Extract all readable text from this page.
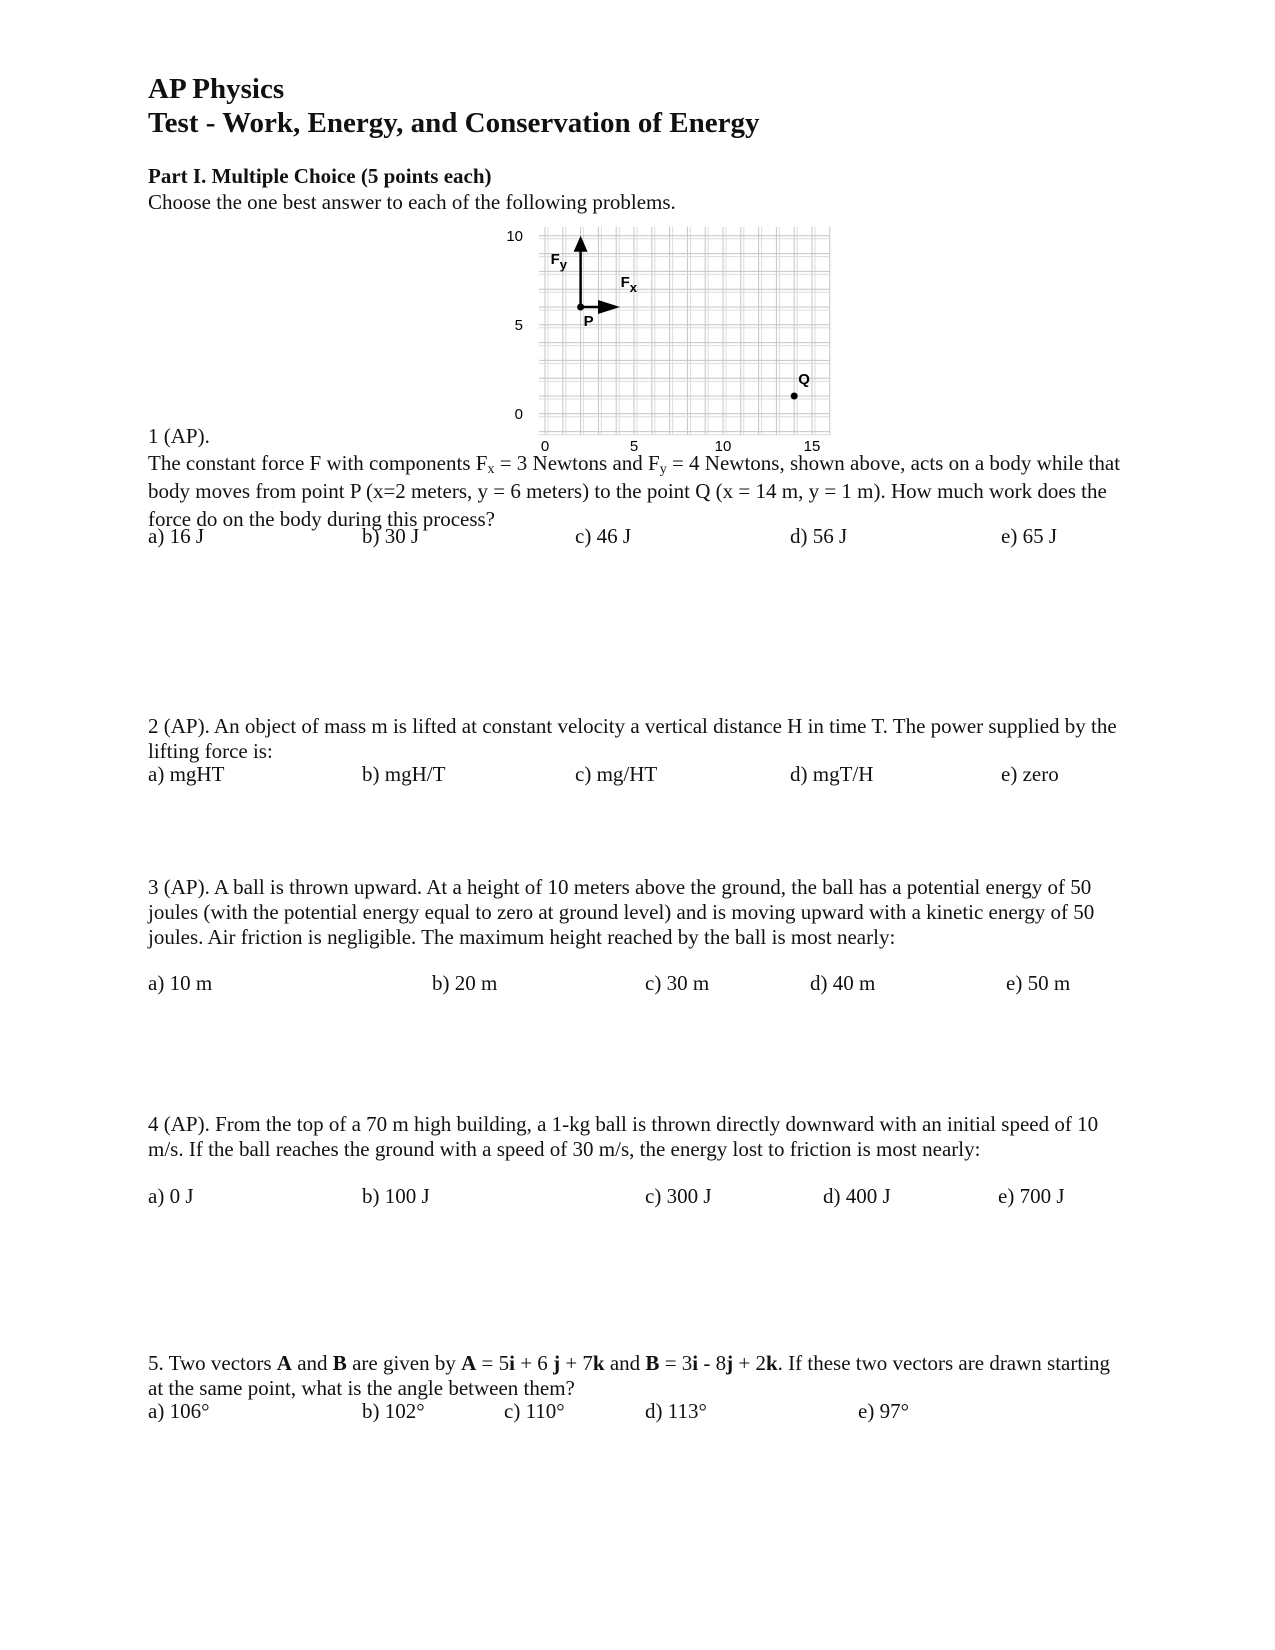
AP Physics
Test - Work, Energy, and Conservation of Energy
Part I. Multiple Choice (5 points each)
Choose the one best answer to each of the following problems.
10
5
0
0	5	10	15
Fy
Fx
P
Q

1 (AP).

The constant force F with components $F_x = 3$ Newtons and $F_y = 4$ Newtons, shown above, acts on a body while that body moves from point P (x=2 meters, y = 6 meters) to the point Q (x = 14 m, y = 1 m). How much work does the force do on the body during this process?

a) 16 J	b) 30 J	c) 46 J	d) 56 J	e) 65 J

2 (AP). An object of mass m is lifted at constant velocity a vertical distance H in time T. The power supplied by the lifting force is:

a) mgHT	b) mgH/T	c) mg/HT	d) mgT/H	e) zero

3 (AP). A ball is thrown upward. At a height of 10 meters above the ground, the ball has a potential energy of 50 joules (with the potential energy equal to zero at ground level) and is moving upward with a kinetic energy of 50 joules. Air friction is negligible. The maximum height reached by the ball is most nearly:

a) 10 m	b) 20 m	c) 30 m	d) 40 m	e) 50 m

4 (AP). From the top of a 70 m high building, a 1-kg ball is thrown directly downward with an initial speed of 10 m/s. If the ball reaches the ground with a speed of 30 m/s, the energy lost to friction is most nearly:

a) 0 J	b) 100 J	c) 300 J	d) 400 J	e) 700 J

5. Two vectors A and B are given by A = 5i + 6 j + 7k and B = 3i - 8j + 2k. If these two vectors are drawn starting at the same point, what is the angle between them?

a) 106°	b) 102°	c) 110°	d) 113°	e) 97°
